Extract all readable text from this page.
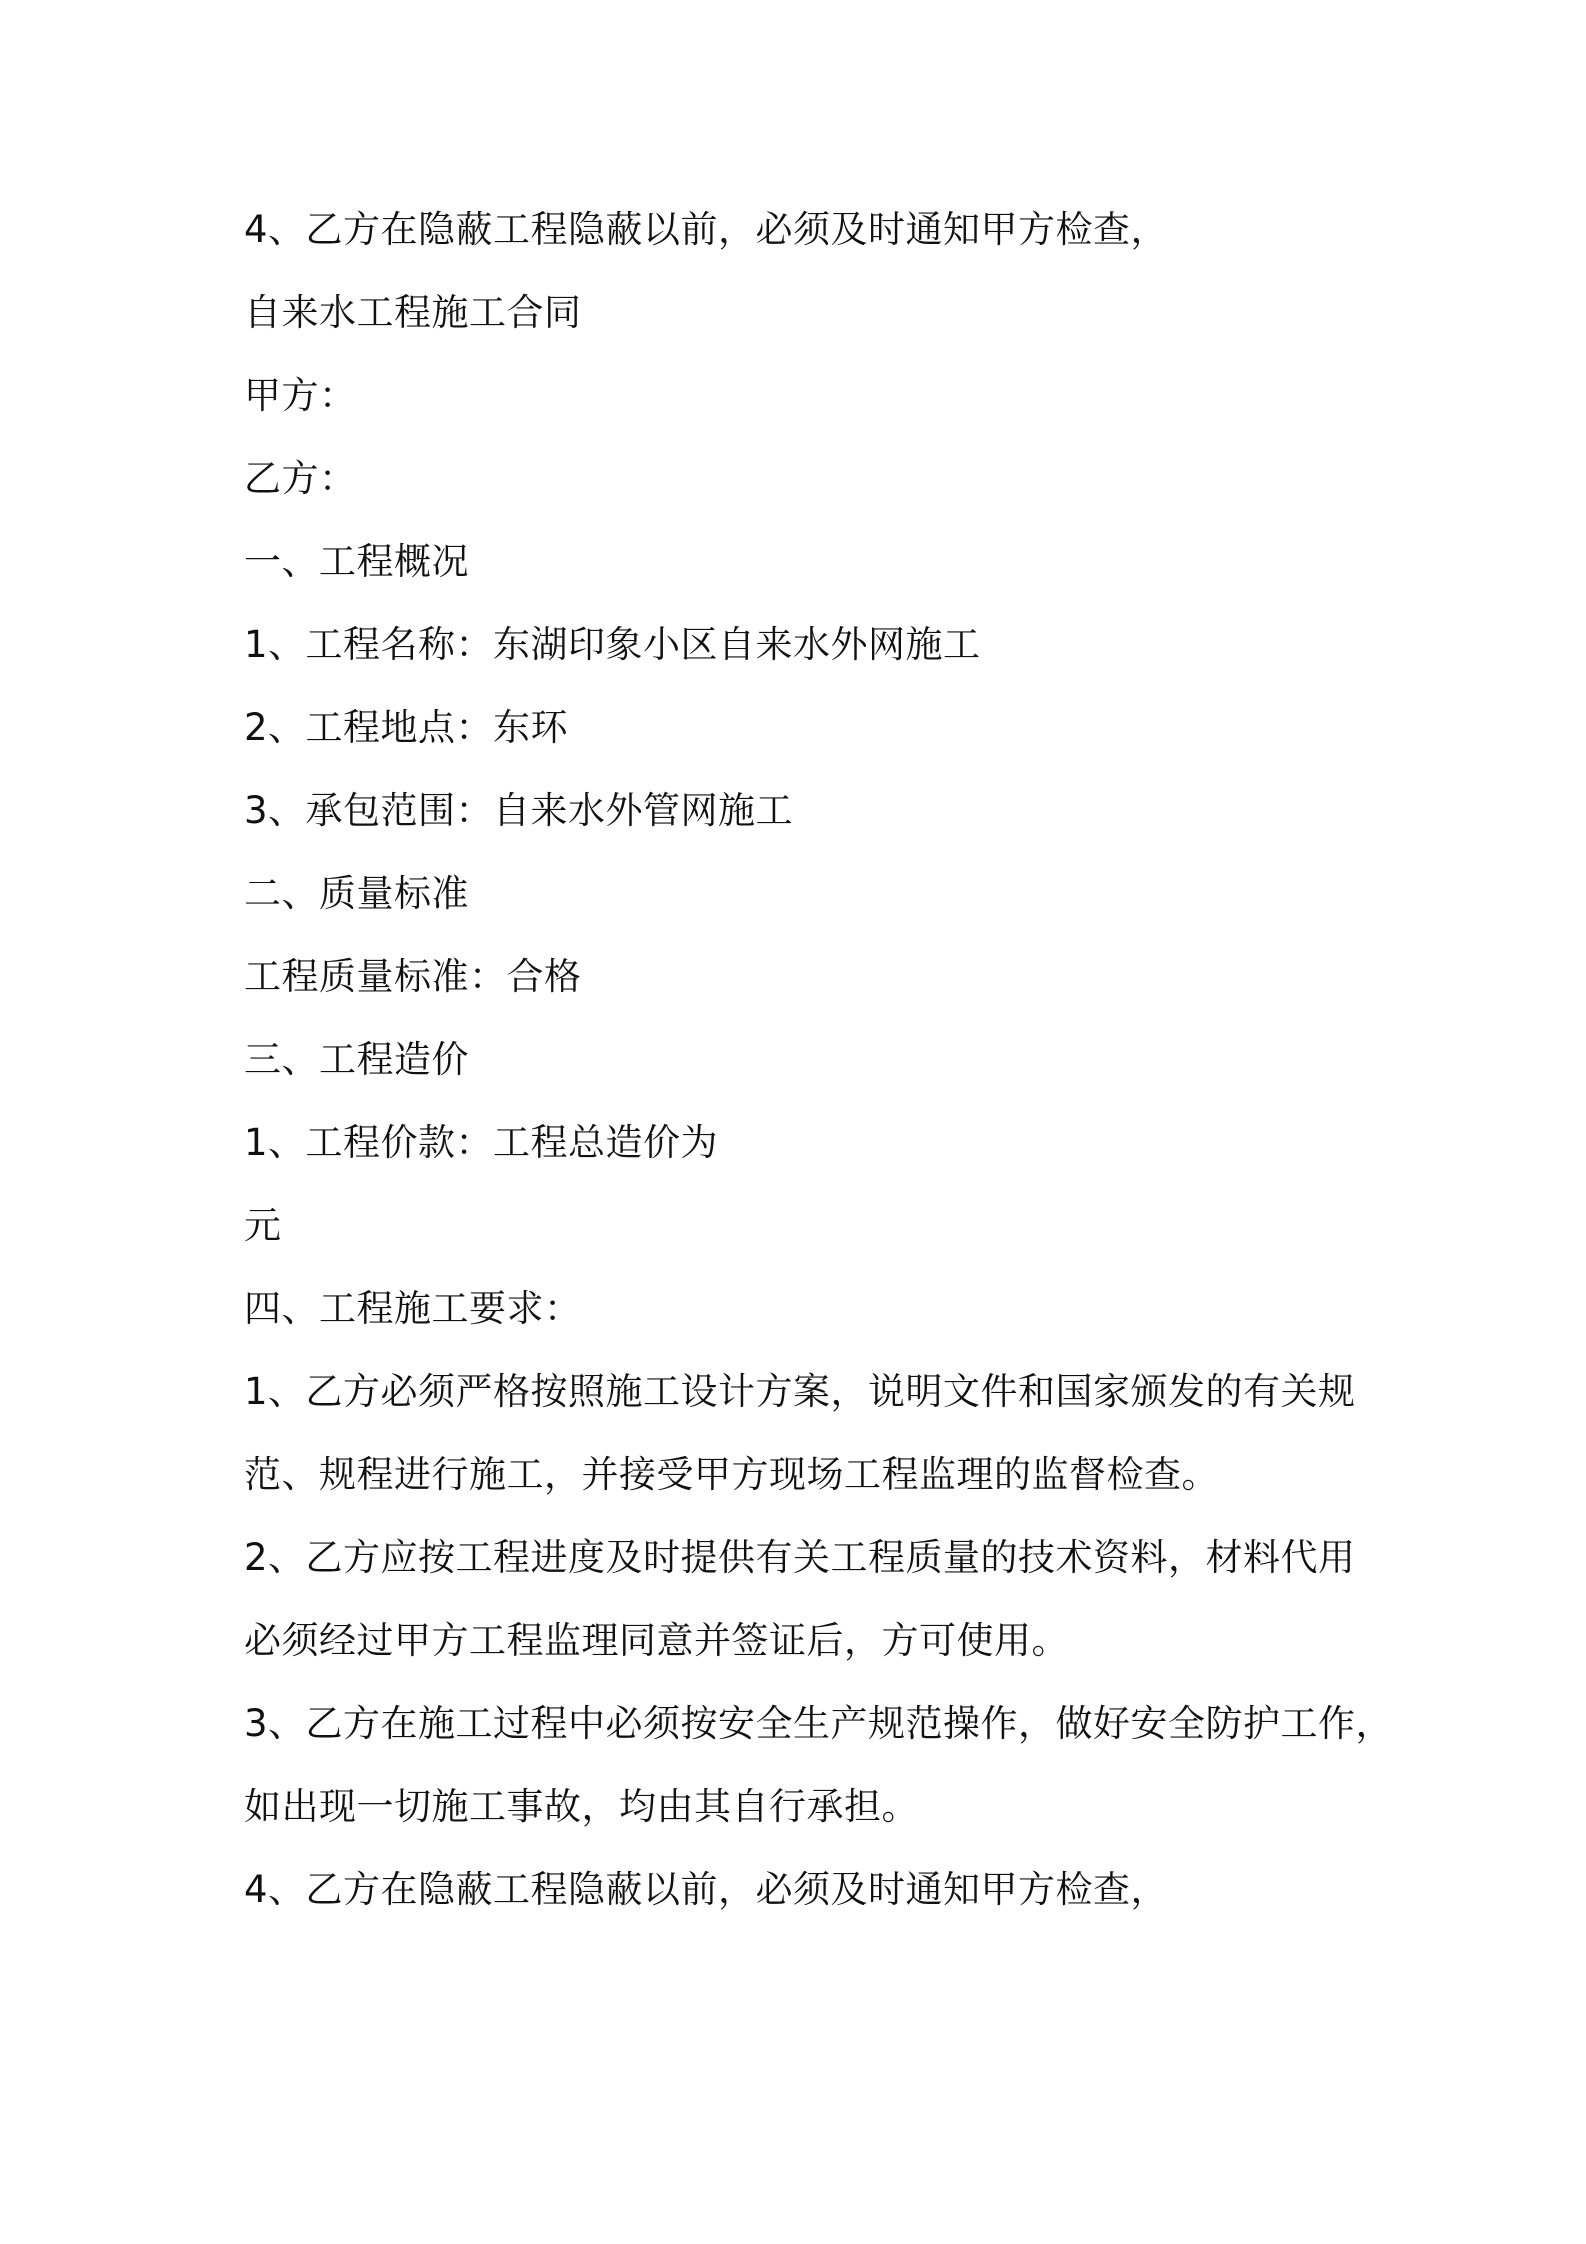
4、乙方在隐蔽工程隐蔽以前，必须及时通知甲方检查，
自来水工程施工合同
甲方：
乙方：
一、工程概况
1、工程名称：东湖印象小区自来水外网施工
2、工程地点：东环
3、承包范围：自来水外管网施工
二、质量标准
工程质量标准：合格
三、工程造价
1、工程价款：工程总造价为
元
四、工程施工要求：
1、乙方必须严格按照施工设计方案，说明文件和国家颁发的有关规
范、规程进行施工，并接受甲方现场工程监理的监督检查。
2、乙方应按工程进度及时提供有关工程质量的技术资料，材料代用
必须经过甲方工程监理同意并签证后，方可使用。
3、乙方在施工过程中必须按安全生产规范操作，做好安全防护工作，
如出现一切施工事故，均由其自行承担。
4、乙方在隐蔽工程隐蔽以前，必须及时通知甲方检查，
